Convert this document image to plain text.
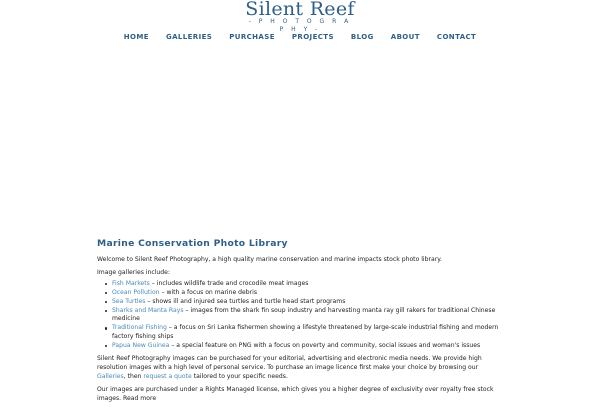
Silent Reef
- P H O T O G R A P H Y -
HOME GALLERIES PURCHASE PROJECTS BLOG ABOUT CONTACT
Marine Conservation Photo Library

Welcome to Silent Reef Photography, a high quality marine conservation and marine impacts stock photo library.

Image galleries include:

Fish Markets – includes wildlife trade and crocodile meat images
Ocean Pollution – with a focus on marine debris
Sea Turtles – shows ill and injured sea turtles and turtle head start programs
Sharks and Manta Rays – images from the shark fin soup industry and harvesting manta ray gill rakers for traditional Chinese medicine
Traditional Fishing – a focus on Sri Lanka fishermen showing a lifestyle threatened by large-scale industrial fishing and modern factory fishing ships
Papua New Guinea – a special feature on PNG with a focus on poverty and community, social issues and woman's issues

Silent Reef Photography images can be purchased for your editorial, advertising and electronic media needs. We provide high resolution images with a high level of personal service. To purchase an image licence first make your choice by browsing our Galleries, then request a quote tailored to your specific needs.

Our images are purchased under a Rights Managed license, which gives you a higher degree of exclusivity over royalty free stock images. Read more
